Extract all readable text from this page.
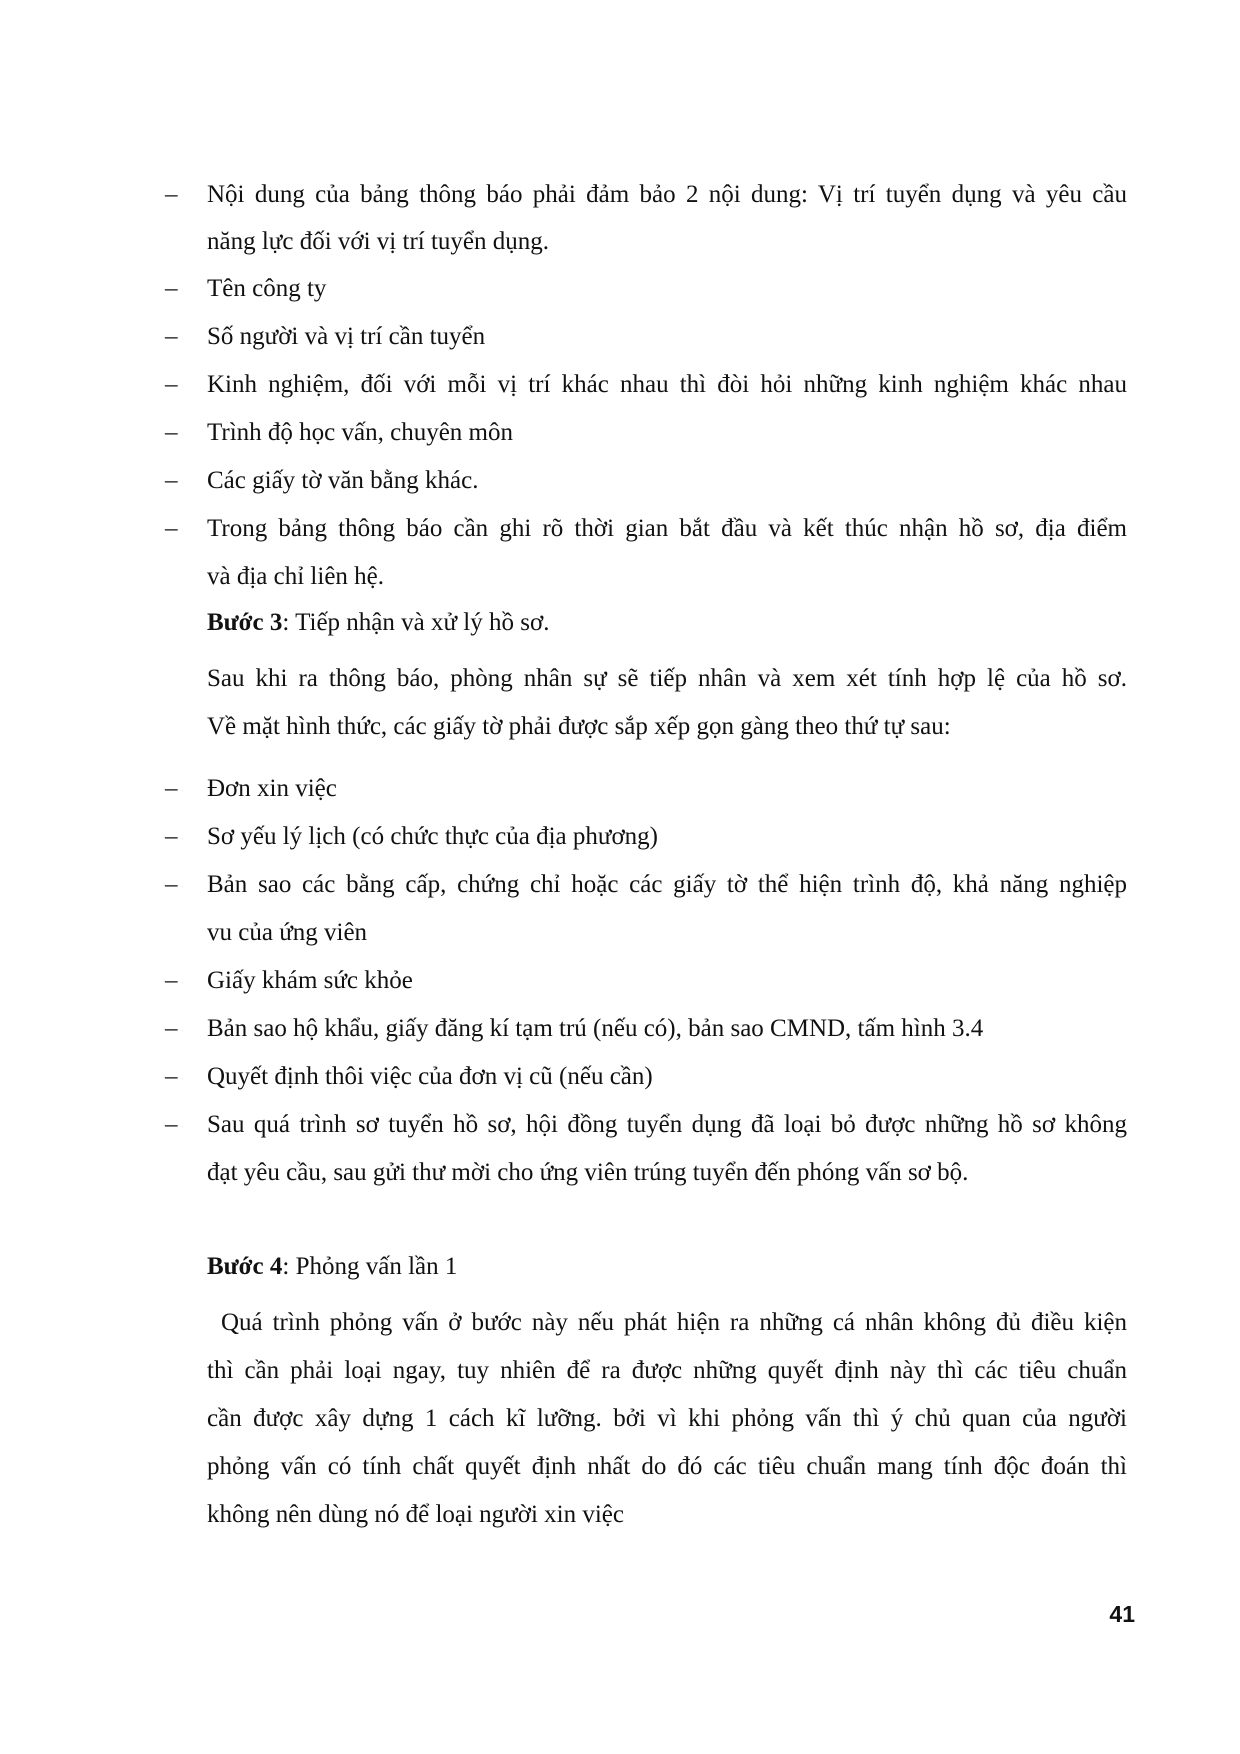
– Nội dung của bảng thông báo phải đảm bảo 2 nội dung: Vị trí tuyển dụng và yêu cầu
năng lực đối với vị trí tuyển dụng.
– Tên công ty
– Số người và vị trí cần tuyển
– Kinh nghiệm, đối với mỗi vị trí khác nhau thì đòi hỏi những kinh nghiệm khác nhau
– Trình độ học vấn, chuyên môn
– Các giấy tờ văn bằng khác.
– Trong bảng thông báo cần ghi rõ thời gian bắt đầu và kết thúc nhận hồ sơ, địa điểm
và địa chỉ liên hệ.
Bước 3: Tiếp nhận và xử lý hồ sơ.
Sau khi ra thông báo, phòng nhân sự sẽ tiếp nhân và xem xét tính hợp lệ của hồ sơ.
Về mặt hình thức, các giấy tờ phải được sắp xếp gọn gàng theo thứ tự sau:
– Đơn xin việc
– Sơ yếu lý lịch (có chức thực của địa phương)
– Bản sao các bằng cấp, chứng chỉ hoặc các giấy tờ thể hiện trình độ, khả năng nghiệp
vu của ứng viên
– Giấy khám sức khỏe
– Bản sao hộ khẩu, giấy đăng kí tạm trú (nếu có), bản sao CMND, tấm hình 3.4
– Quyết định thôi việc của đơn vị cũ (nếu cần)
– Sau quá trình sơ tuyển hồ sơ, hội đồng tuyển dụng đã loại bỏ được những hồ sơ không
đạt yêu cầu, sau gửi thư mời cho ứng viên trúng tuyển đến phóng vấn sơ bộ.
Bước 4: Phỏng vấn lần 1
Quá trình phỏng vấn ở bước này nếu phát hiện ra những cá nhân không đủ điều kiện
thì cần phải loại ngay, tuy nhiên để ra được những quyết định này thì các tiêu chuẩn
cần được xây dựng 1 cách kĩ lưỡng. bởi vì khi phỏng vấn thì ý chủ quan của người
phỏng vấn có tính chất quyết định nhất do đó các tiêu chuẩn mang tính độc đoán thì
không nên dùng nó để loại người xin việc
41
